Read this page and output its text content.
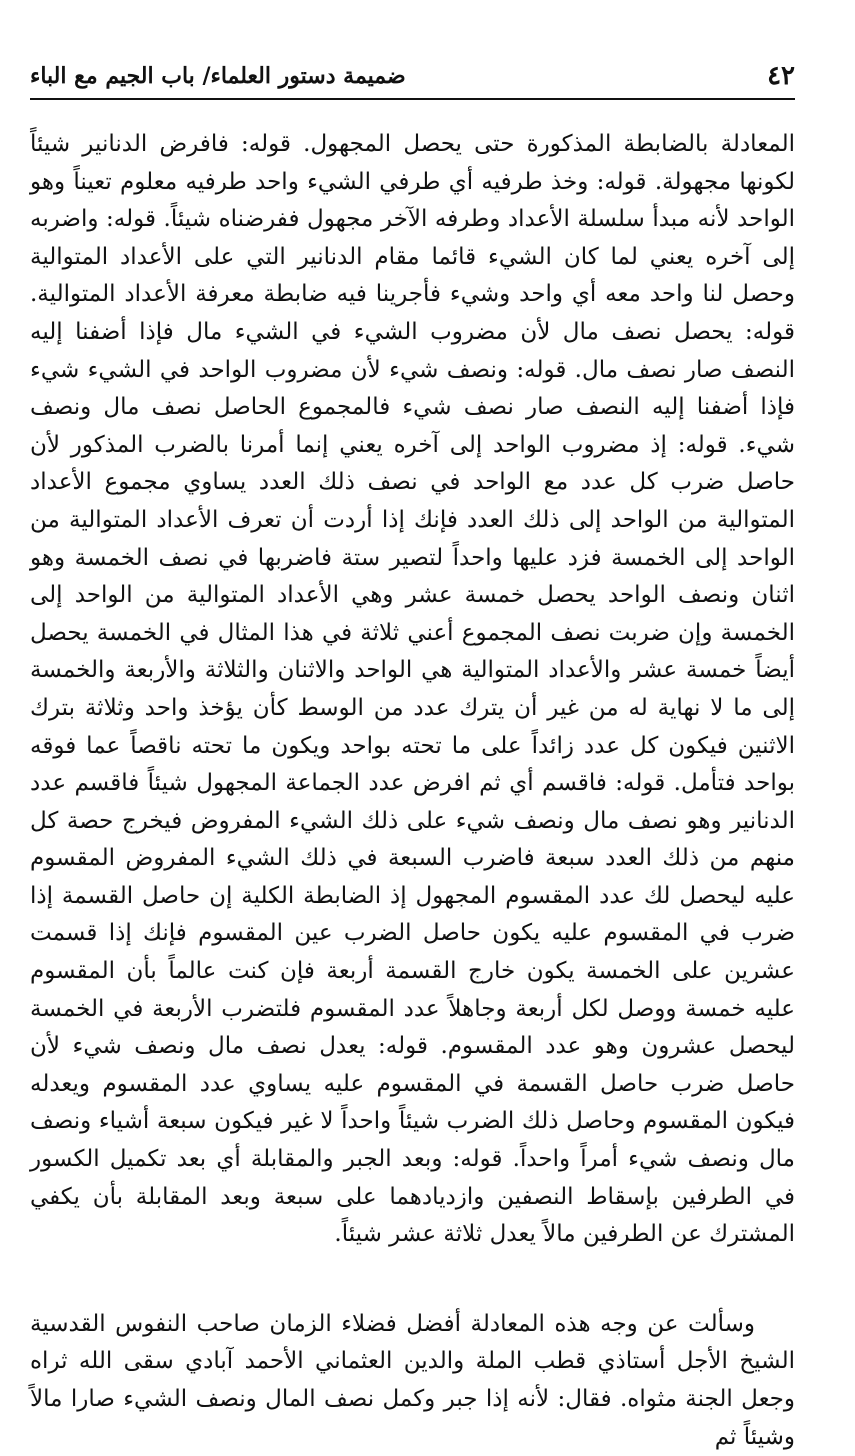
٤٢
ضميمة دستور العلماء/ باب الجيم مع الباء

المعادلة بالضابطة المذكورة حتى يحصل المجهول. قوله: فافرض الدنانير شيئاً لكونها مجهولة. قوله: وخذ طرفيه أي طرفي الشيء واحد طرفيه معلوم تعيناً وهو الواحد لأنه مبدأ سلسلة الأعداد وطرفه الآخر مجهول ففرضناه شيئاً. قوله: واضربه إلى آخره يعني لما كان الشيء قائما مقام الدنانير التي على الأعداد المتوالية وحصل لنا واحد معه أي واحد وشيء فأجرينا فيه ضابطة معرفة الأعداد المتوالية. قوله: يحصل نصف مال لأن مضروب الشيء في الشيء مال فإذا أضفنا إليه النصف صار نصف مال. قوله: ونصف شيء لأن مضروب الواحد في الشيء شيء فإذا أضفنا إليه النصف صار نصف شيء فالمجموع الحاصل نصف مال ونصف شيء. قوله: إذ مضروب الواحد إلى آخره يعني إنما أمرنا بالضرب المذكور لأن حاصل ضرب كل عدد مع الواحد في نصف ذلك العدد يساوي مجموع الأعداد المتوالية من الواحد إلى ذلك العدد فإنك إذا أردت أن تعرف الأعداد المتوالية من الواحد إلى الخمسة فزد عليها واحداً لتصير ستة فاضربها في نصف الخمسة وهو اثنان ونصف الواحد يحصل خمسة عشر وهي الأعداد المتوالية من الواحد إلى الخمسة وإن ضربت نصف المجموع أعني ثلاثة في هذا المثال في الخمسة يحصل أيضاً خمسة عشر والأعداد المتوالية هي الواحد والاثنان والثلاثة والأربعة والخمسة إلى ما لا نهاية له من غير أن يترك عدد من الوسط كأن يؤخذ واحد وثلاثة بترك الاثنين فيكون كل عدد زائداً على ما تحته بواحد ويكون ما تحته ناقصاً عما فوقه بواحد فتأمل. قوله: فاقسم أي ثم افرض عدد الجماعة المجهول شيئاً فاقسم عدد الدنانير وهو نصف مال ونصف شيء على ذلك الشيء المفروض فيخرج حصة كل منهم من ذلك العدد سبعة فاضرب السبعة في ذلك الشيء المفروض المقسوم عليه ليحصل لك عدد المقسوم المجهول إذ الضابطة الكلية إن حاصل القسمة إذا ضرب في المقسوم عليه يكون حاصل الضرب عين المقسوم فإنك إذا قسمت عشرين على الخمسة يكون خارج القسمة أربعة فإن كنت عالماً بأن المقسوم عليه خمسة ووصل لكل أربعة وجاهلاً عدد المقسوم فلتضرب الأربعة في الخمسة ليحصل عشرون وهو عدد المقسوم. قوله: يعدل نصف مال ونصف شيء لأن حاصل ضرب حاصل القسمة في المقسوم عليه يساوي عدد المقسوم ويعدله فيكون المقسوم وحاصل ذلك الضرب شيئاً واحداً لا غير فيكون سبعة أشياء ونصف مال ونصف شيء أمراً واحداً. قوله: وبعد الجبر والمقابلة أي بعد تكميل الكسور في الطرفين بإسقاط النصفين وازديادهما على سبعة وبعد المقابلة بأن يكفي المشترك عن الطرفين مالاً يعدل ثلاثة عشر شيئاً.

وسألت عن وجه هذه المعادلة أفضل فضلاء الزمان صاحب النفوس القدسية الشيخ الأجل أستاذي قطب الملة والدين العثماني الأحمد آبادي سقى الله ثراه وجعل الجنة مثواه. فقال: لأنه إذا جبر وكمل نصف المال ونصف الشيء صارا مالاً وشيئاً ثم
